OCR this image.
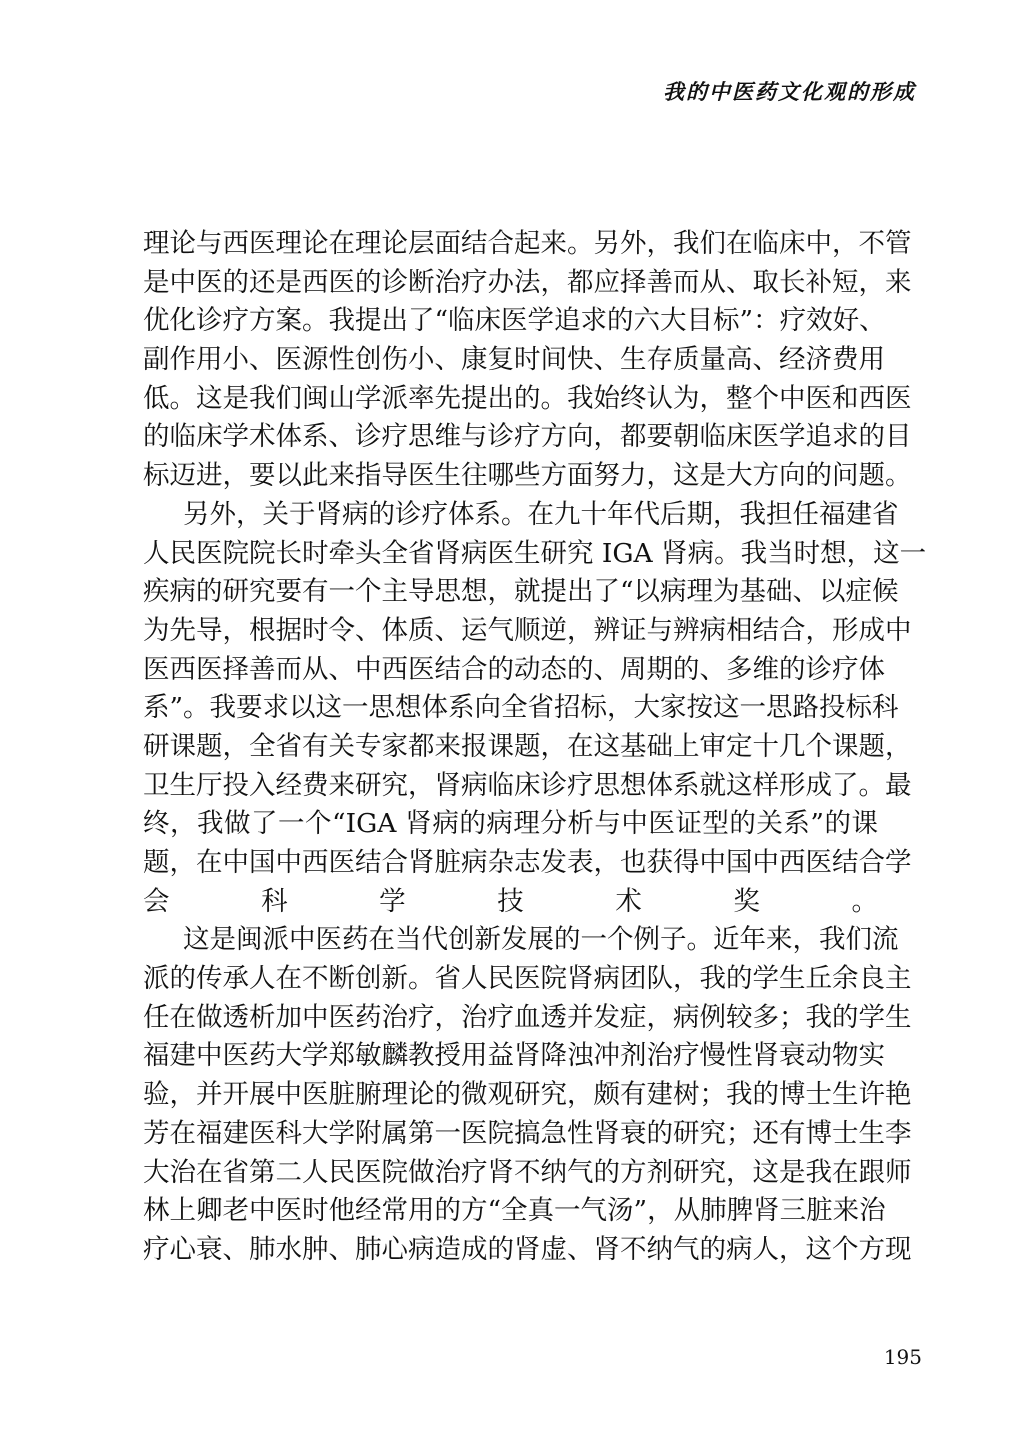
我的中医药文化观的形成

理论与西医理论在理论层面结合起来。另外，我们在临床中，不管
是中医的还是西医的诊断治疗办法，都应择善而从、取长补短，来
优化诊疗方案。我提出了“临床医学追求的六大目标”：疗效好、
副作用小、医源性创伤小、康复时间快、生存质量高、经济费用
低。这是我们闽山学派率先提出的。我始终认为，整个中医和西医
的临床学术体系、诊疗思维与诊疗方向，都要朝临床医学追求的目
标迈进，要以此来指导医生往哪些方面努力，这是大方向的问题。

另外，关于肾病的诊疗体系。在九十年代后期，我担任福建省
人民医院院长时牵头全省肾病医生研究 IGA 肾病。我当时想，这一
疾病的研究要有一个主导思想，就提出了“以病理为基础、以症候
为先导，根据时令、体质、运气顺逆，辨证与辨病相结合，形成中
医西医择善而从、中西医结合的动态的、周期的、多维的诊疗体
系”。我要求以这一思想体系向全省招标，大家按这一思路投标科
研课题，全省有关专家都来报课题，在这基础上审定十几个课题，
卫生厅投入经费来研究，肾病临床诊疗思想体系就这样形成了。最
终，我做了一个“IGA 肾病的病理分析与中医证型的关系”的课
题，在中国中西医结合肾脏病杂志发表，也获得中国中西医结合学
会科学技术奖。

这是闽派中医药在当代创新发展的一个例子。近年来，我们流
派的传承人在不断创新。省人民医院肾病团队，我的学生丘余良主
任在做透析加中医药治疗，治疗血透并发症，病例较多；我的学生
福建中医药大学郑敏麟教授用益肾降浊冲剂治疗慢性肾衰动物实
验，并开展中医脏腑理论的微观研究，颇有建树；我的博士生许艳
芳在福建医科大学附属第一医院搞急性肾衰的研究；还有博士生李
大治在省第二人民医院做治疗肾不纳气的方剂研究，这是我在跟师
林上卿老中医时他经常用的方“全真一气汤”，从肺脾肾三脏来治
疗心衰、肺水肿、肺心病造成的肾虚、肾不纳气的病人，这个方现

195
